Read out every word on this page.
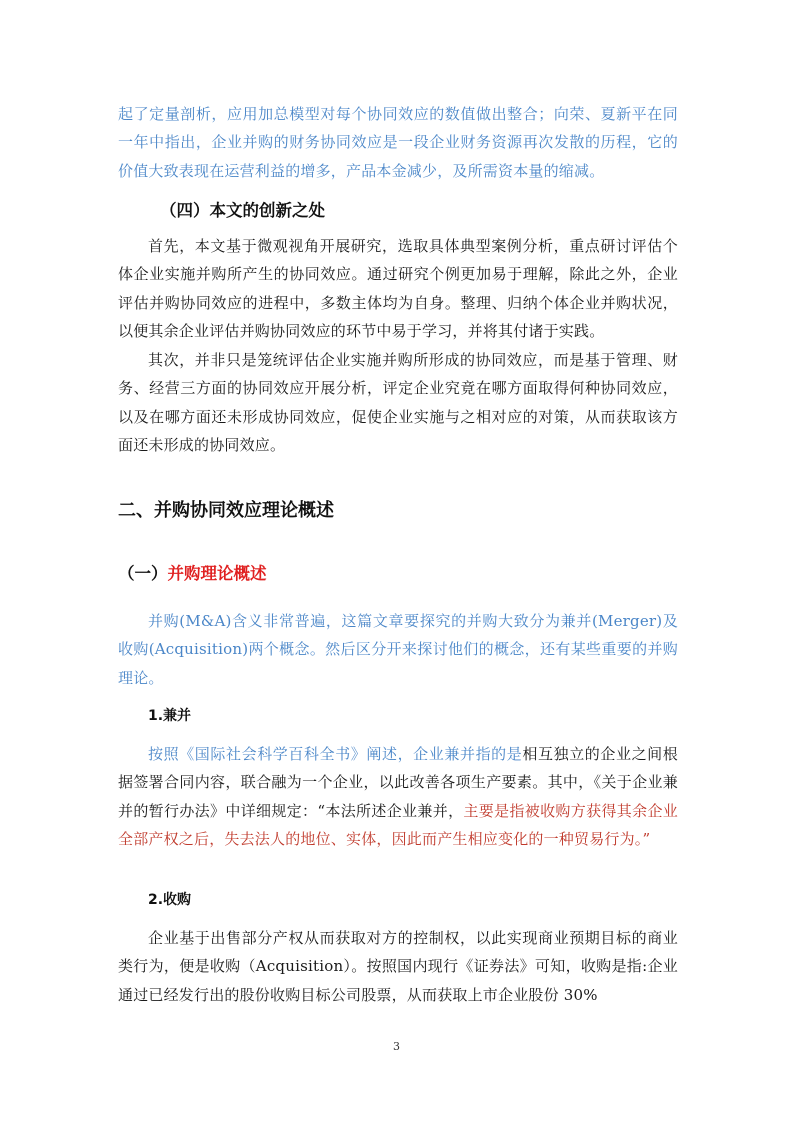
起了定量剖析，应用加总模型对每个协同效应的数值做出整合；向荣、夏新平在同一年中指出，企业并购的财务协同效应是一段企业财务资源再次发散的历程，它的价值大致表现在运营利益的增多，产品本金减少，及所需资本量的缩减。
（四）本文的创新之处
首先，本文基于微观视角开展研究，选取具体典型案例分析，重点研讨评估个体企业实施并购所产生的协同效应。通过研究个例更加易于理解，除此之外，企业评估并购协同效应的进程中，多数主体均为自身。整理、归纳个体企业并购状况，以便其余企业评估并购协同效应的环节中易于学习，并将其付诸于实践。
其次，并非只是笼统评估企业实施并购所形成的协同效应，而是基于管理、财务、经营三方面的协同效应开展分析，评定企业究竟在哪方面取得何种协同效应，以及在哪方面还未形成协同效应，促使企业实施与之相对应的对策，从而获取该方面还未形成的协同效应。
二、并购协同效应理论概述
（一）并购理论概述
并购(M&A)含义非常普遍，这篇文章要探究的并购大致分为兼并(Merger)及收购(Acquisition)两个概念。然后区分开来探讨他们的概念，还有某些重要的并购理论。
1.兼并
按照《国际社会科学百科全书》阐述，企业兼并指的是相互独立的企业之间根据签署合同内容，联合融为一个企业，以此改善各项生产要素。其中，《关于企业兼并的暂行办法》中详细规定：“本法所述企业兼并，主要是指被收购方获得其余企业全部产权之后，失去法人的地位、实体，因此而产生相应变化的一种贸易行为。”
2.收购
企业基于出售部分产权从而获取对方的控制权，以此实现商业预期目标的商业类行为，便是收购（Acquisition）。按照国内现行《证券法》可知，收购是指:企业通过已经发行出的股份收购目标公司股票，从而获取上市企业股份 30%
3
